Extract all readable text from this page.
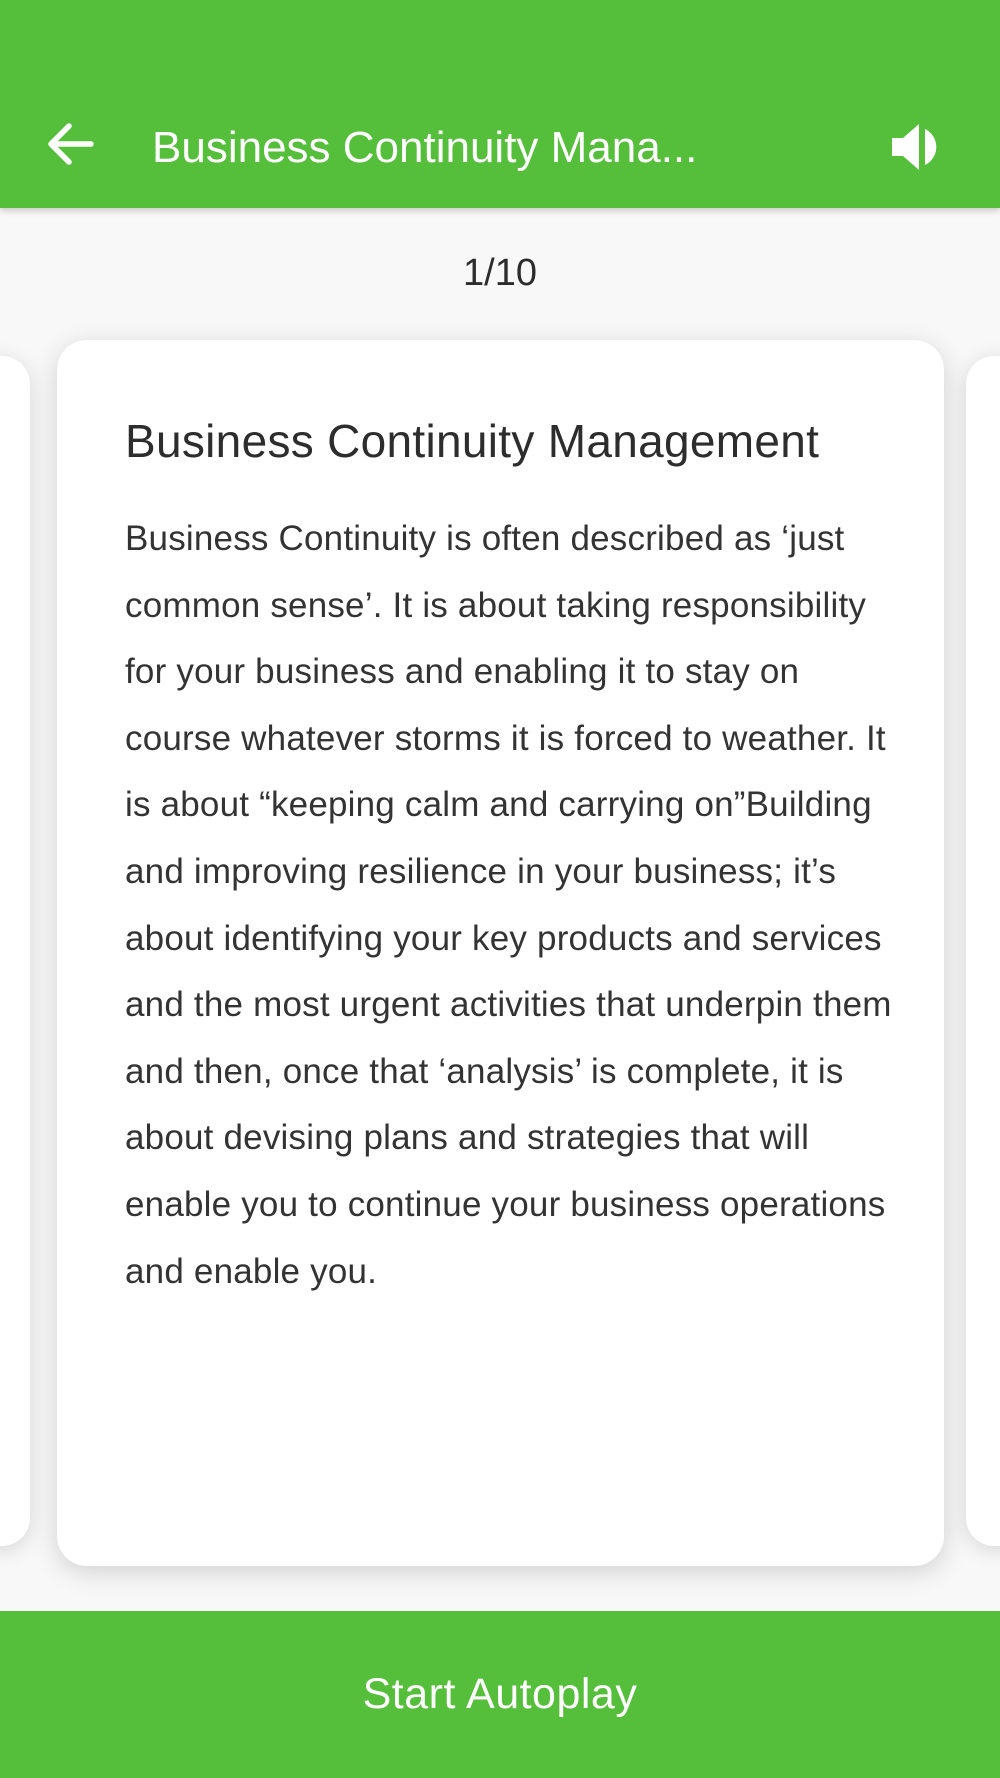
Business Continuity Mana...
1/10
Business Continuity Management
Business Continuity is often described as ‘just common sense’. It is about taking responsibility for your business and enabling it to stay on course whatever storms it is forced to weather. It is about “keeping calm and carrying on”Building and improving resilience in your business; it’s about identifying your key products and services and the most urgent activities that underpin them and then, once that ‘analysis’ is complete, it is about devising plans and strategies that will enable you to continue your business operations and enable you.
Start Autoplay
